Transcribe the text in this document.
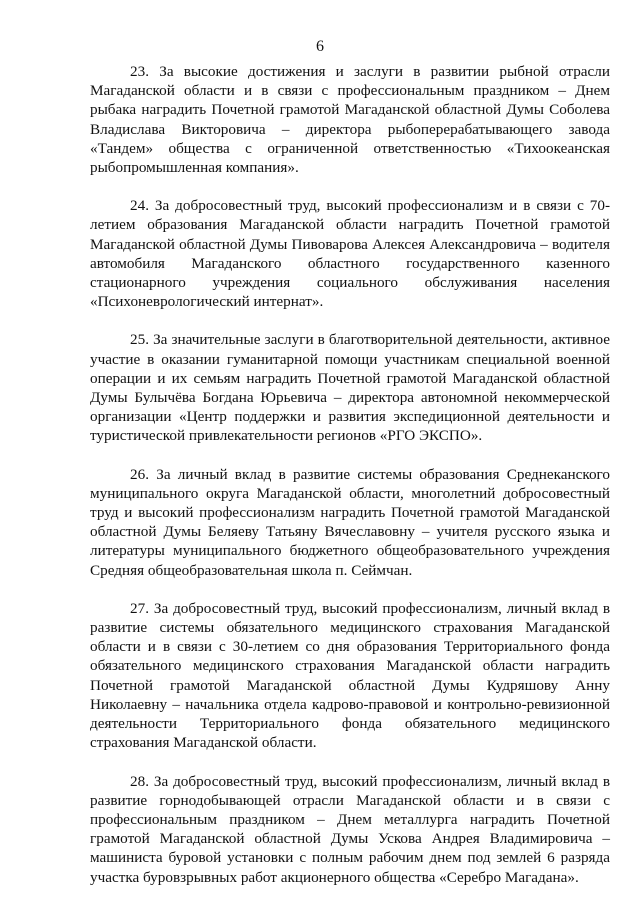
6

23. За высокие достижения и заслуги в развитии рыбной отрасли Магаданской области и в связи с профессиональным праздником – Днем рыбака наградить Почетной грамотой Магаданской областной Думы Соболева Владислава Викторовича – директора рыбоперерабатывающего завода «Тандем» общества с ограниченной ответственностью «Тихоокеанская рыбопромышленная компания».

24. За добросовестный труд, высокий профессионализм и в связи с 70-летием образования Магаданской области наградить Почетной грамотой Магаданской областной Думы Пивоварова Алексея Александровича – водителя автомобиля Магаданского областного государственного казенного стационарного учреждения социального обслуживания населения «Психоневрологический интернат».

25. За значительные заслуги в благотворительной деятельности, активное участие в оказании гуманитарной помощи участникам специальной военной операции и их семьям наградить Почетной грамотой Магаданской областной Думы Булычёва Богдана Юрьевича – директора автономной некоммерческой организации «Центр поддержки и развития экспедиционной деятельности и туристической привлекательности регионов «РГО ЭКСПО».

26. За личный вклад в развитие системы образования Среднеканского муниципального округа Магаданской области, многолетний добросовестный труд и высокий профессионализм наградить Почетной грамотой Магаданской областной Думы Беляеву Татьяну Вячеславовну – учителя русского языка и литературы муниципального бюджетного общеобразовательного учреждения Средняя общеобразовательная школа п. Сеймчан.

27. За добросовестный труд, высокий профессионализм, личный вклад в развитие системы обязательного медицинского страхования Магаданской области и в связи с 30-летием со дня образования Территориального фонда обязательного медицинского страхования Магаданской области наградить Почетной грамотой Магаданской областной Думы Кудряшову Анну Николаевну – начальника отдела кадрово-правовой и контрольно-ревизионной деятельности Территориального фонда обязательного медицинского страхования Магаданской области.

28. За добросовестный труд, высокий профессионализм, личный вклад в развитие горнодобывающей отрасли Магаданской области и в связи с профессиональным праздником – Днем металлурга наградить Почетной грамотой Магаданской областной Думы Ускова Андрея Владимировича – машиниста буровой установки с полным рабочим днем под землей 6 разряда участка буровзрывных работ акционерного общества «Серебро Магадана».
